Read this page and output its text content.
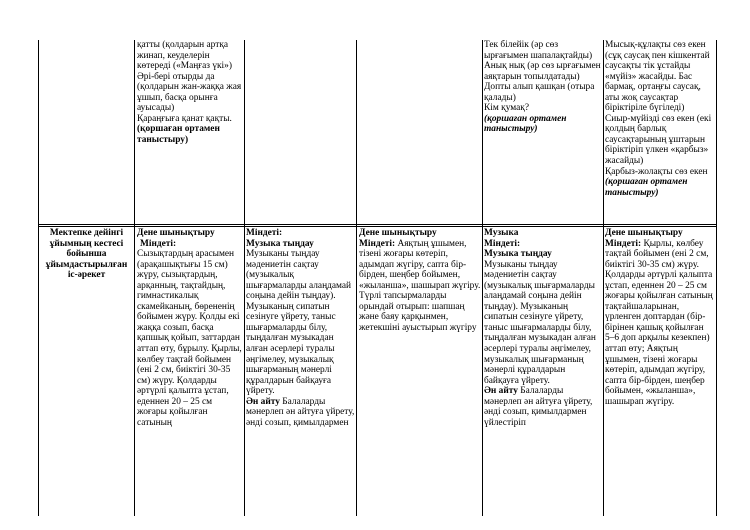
қатты (қолдарын артқа жинап, кеуделерін көтереді («Маңғаз үкі»)
Әрі-бері отырды да (қолдарын жан-жаққа жая ұшып, басқа орынға ауысады)
Қараңғыға қанат қақты.
(қоршаған ортамен таныстыру)
Тек білейік (әр сөз ырғағымен шапалақтайды)
Анық нық (әр сөз ырғағымен аяқтарын топылдатады)
Допты алып қашқан (отыра қалады)
Кім қумақ?
(қоршаған ортамен таныстыру)
Мысық-құлақты сөз екен (сұқ саусақ пен кішкентай саусақты тік ұстайды «мүйіз» жасайды. Бас бармақ, ортаңғы саусақ, аты жоқ саусақтар біріктіріле бүгіледі)
Сиыр-мүйізді сөз екен (екі қолдың барлық саусақтарының ұштарын біріктіріп үлкен «қарбыз» жасайды)
Қарбыз-жолақты сөз екен
(қоршаған ортамен таныстыру)
Мектепке дейінгі ұйымның кестесі бойынша ұйымдастырылған іс-әрекет
Дене шынықтыру
Міндеті:
Сызықтардың арасымен (арақашықтығы 15 см) жүру, сызықтардың, арқанның, тақтайдың, гимнастикалық скамейканың, бөрененің бойымен жүру. Қолды екі жаққа созып, басқа қапшық қойып, заттардан аттап өту, бұрылу. Қырлы, көлбеу тақтай бойымен (ені 2 см, биіктігі 30-35 см) жүру. Қолдарды әртүрлі қалыпта ұстап, еденнен 20 – 25 см жоғары қойылған сатының
Міндеті:
Музыка тыңдау
Музыканы тыңдау мәдениетін сақтау (музыкалық шығармаларды алаңдамай соңына дейін тыңдау). Музыканың сипатын сезінуге үйрету, таныс шығармаларды білу, тыңдалған музыкадан алған әсерлері туралы әңгімелеу, музыкалық шығарманың мәнерлі құралдарын байқауға үйрету.
Ән айту Балаларды мәнерлеп ән айтуға үйрету, әнді созып, қимылдармен
Дене шынықтыру
Міндеті: Аяқтың ұшымен, тізені жоғары көтеріп, адымдап жүгіру, сапта бір-бірден, шеңбер бойымен, «жыланша», шашырап жүгіру. Түрлі тапсырмаларды орындай отырып: шапшаң және баяу қарқынмен, жетекшіні ауыстырып жүгіру
Музыка
Міндеті:
Музыка тыңдау
Музыканы тыңдау мәдениетін сақтау (музыкалық шығармаларды алаңдамай соңына дейін тыңдау). Музыканың сипатын сезінуге үйрету, таныс шығармаларды білу, тыңдалған музыкадан алған әсерлері туралы әңгімелеу, музыкалық шығарманың мәнерлі құралдарын байқауға үйрету.
Ән айту Балаларды мәнерлеп ән айтуға үйрету, әнді созып, қимылдармен үйлестіріп
Дене шынықтыру
Міндеті: Қырлы, көлбеу тақтай бойымен (ені 2 см, биіктігі 30-35 см) жүру. Қолдарды әртүрлі қалыпта ұстап, еденнен 20 – 25 см жоғары қойылған сатының тақтайшаларынан, үрленген доптардан (бір-бірінен қашық қойылған 5–6 доп арқылы кезекпен) аттап өту; Аяқтың ұшымен, тізені жоғары көтеріп, адымдап жүгіру, сапта бір-бірден, шеңбер бойымен, «жыланша», шашырап жүгіру.
